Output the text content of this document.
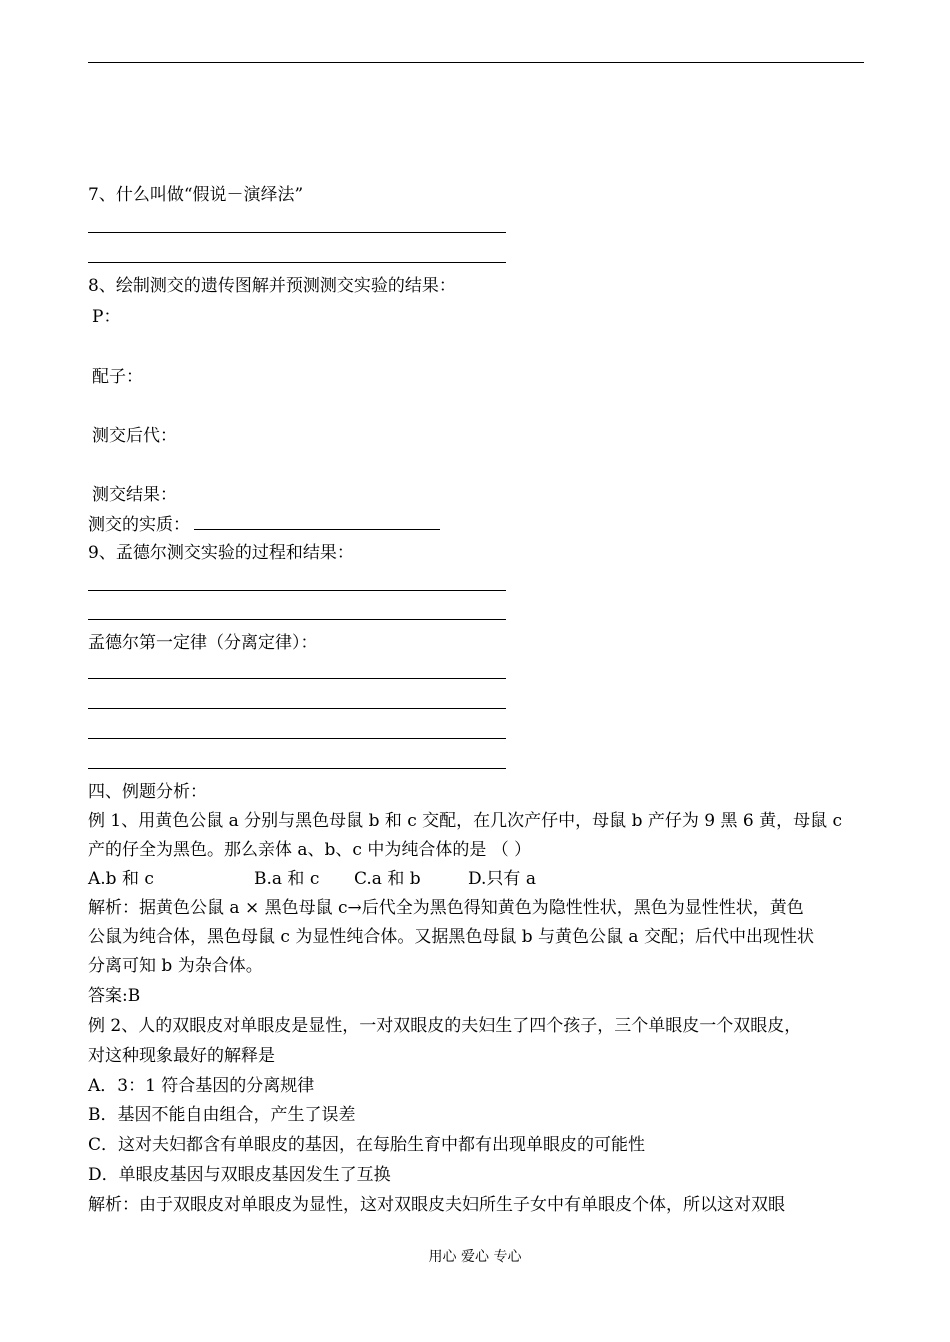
7、什么叫做“假说－演绎法”
8、绘制测交的遗传图解并预测测交实验的结果：
P：
配子：
测交后代：
测交结果：
测交的实质：
9、孟德尔测交实验的过程和结果：
孟德尔第一定律（分离定律）：
四、例题分析：
例 1、用黄色公鼠 a 分别与黑色母鼠 b 和 c 交配，在几次产仔中，母鼠 b 产仔为 9 黑 6 黄，母鼠 c
产的仔全为黑色。那么亲体 a、b、c 中为纯合体的是 （ ）
A.b 和 c	B.a 和 c C.a 和 b	D.只有 a
解析：据黄色公鼠 a × 黑色母鼠 c→后代全为黑色得知黄色为隐性性状，黑色为显性性状，黄色
公鼠为纯合体，黑色母鼠 c 为显性纯合体。又据黑色母鼠 b 与黄色公鼠 a 交配；后代中出现性状
分离可知 b 为杂合体。
答案:B
例 2、人的双眼皮对单眼皮是显性，一对双眼皮的夫妇生了四个孩子，三个单眼皮一个双眼皮，
对这种现象最好的解释是
A．3：1 符合基因的分离规律
B．基因不能自由组合，产生了误差
C．这对夫妇都含有单眼皮的基因，在每胎生育中都有出现单眼皮的可能性
D．单眼皮基因与双眼皮基因发生了互换
解析：由于双眼皮对单眼皮为显性，这对双眼皮夫妇所生子女中有单眼皮个体，所以这对双眼
用心 爱心 专心
